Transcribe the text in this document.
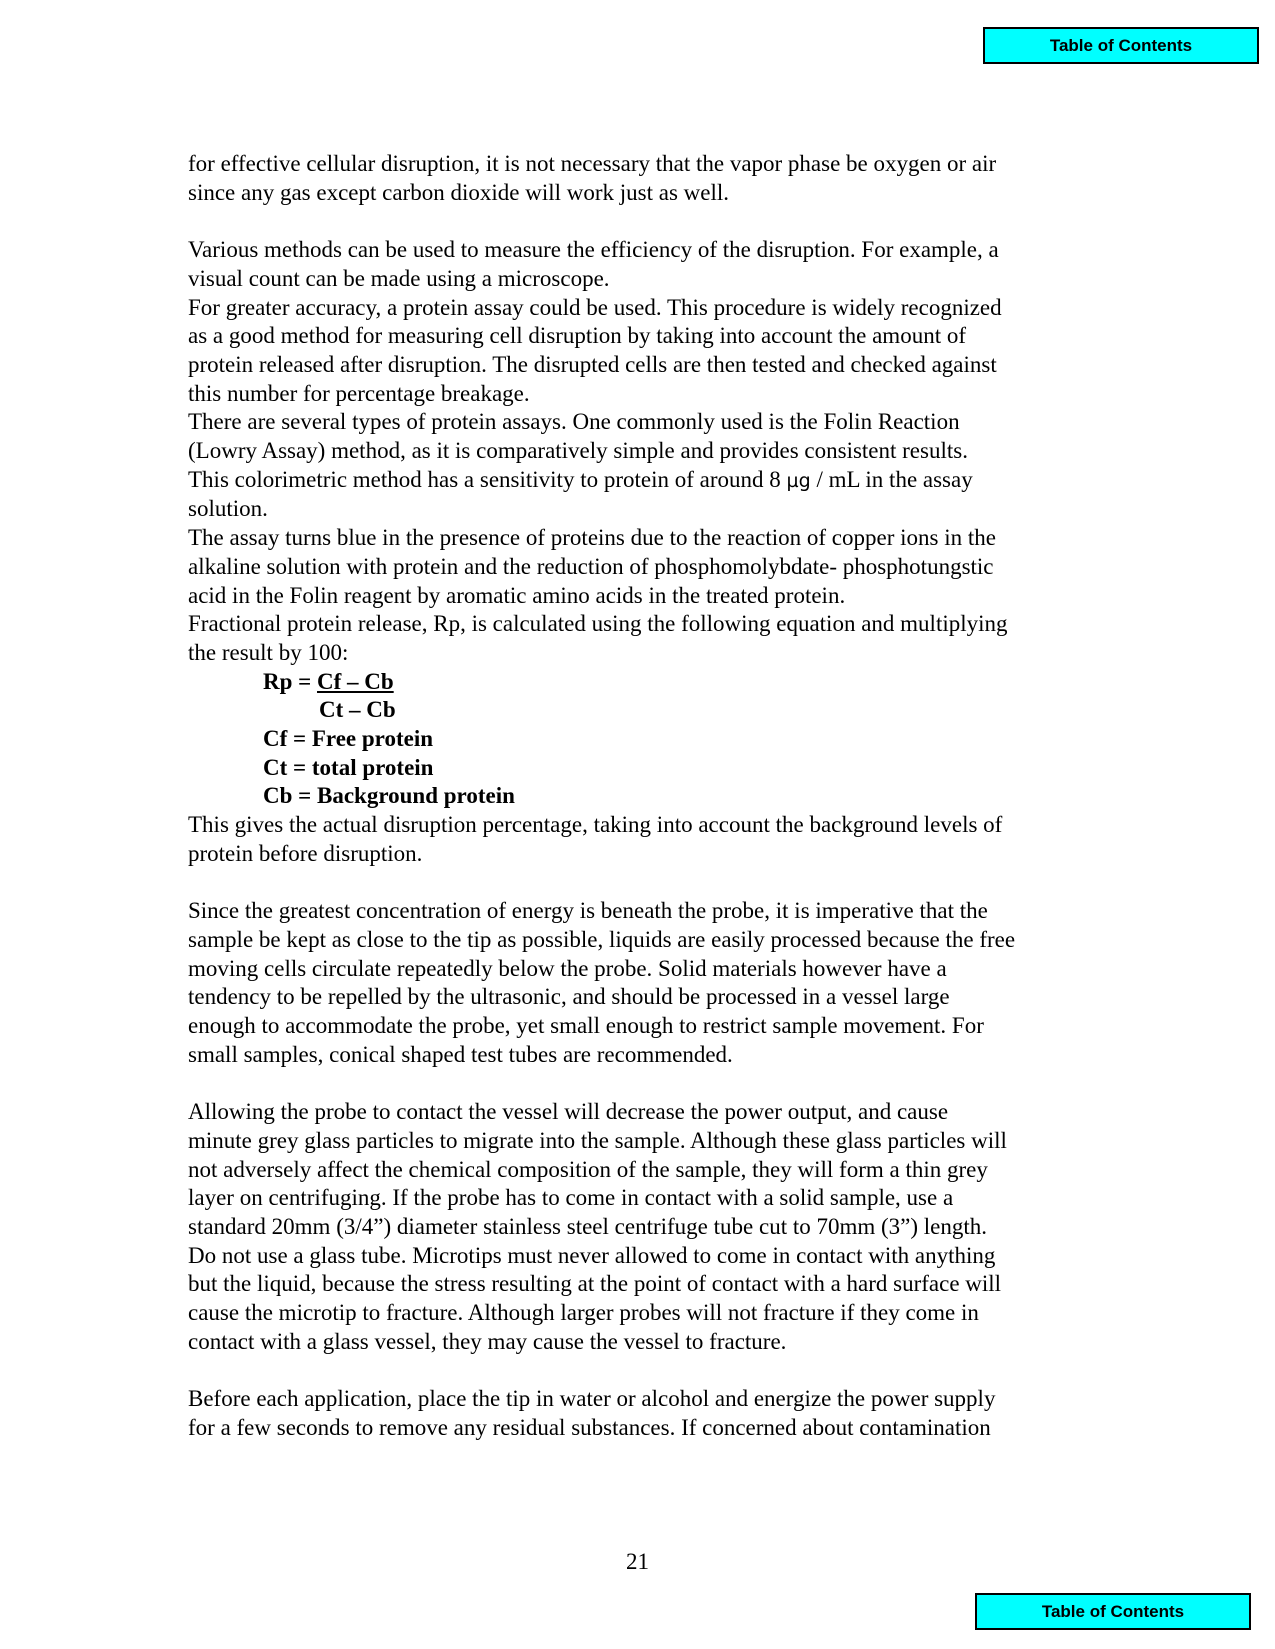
Table of Contents

for effective cellular disruption, it is not necessary that the vapor phase be oxygen or air
since any gas except carbon dioxide will work just as well.

Various methods can be used to measure the efficiency of the disruption. For example, a
visual count can be made using a microscope.
For greater accuracy, a protein assay could be used. This procedure is widely recognized
as a good method for measuring cell disruption by taking into account the amount of
protein released after disruption. The disrupted cells are then tested and checked against
this number for percentage breakage.
There are several types of protein assays. One commonly used is the Folin Reaction
(Lowry Assay) method, as it is comparatively simple and provides consistent results.
This colorimetric method has a sensitivity to protein of around 8 µg / mL in the assay
solution.
The assay turns blue in the presence of proteins due to the reaction of copper ions in the
alkaline solution with protein and the reduction of phosphomolybdate- phosphotungstic
acid in the Folin reagent by aromatic amino acids in the treated protein.
Fractional protein release, Rp, is calculated using the following equation and multiplying
the result by 100:

Rp = Cf – Cb
Ct – Cb
Cf = Free protein
Ct = total protein
Cb = Background protein

This gives the actual disruption percentage, taking into account the background levels of
protein before disruption.

Since the greatest concentration of energy is beneath the probe, it is imperative that the
sample be kept as close to the tip as possible, liquids are easily processed because the free
moving cells circulate repeatedly below the probe. Solid materials however have a
tendency to be repelled by the ultrasonic, and should be processed in a vessel large
enough to accommodate the probe, yet small enough to restrict sample movement. For
small samples, conical shaped test tubes are recommended.

Allowing the probe to contact the vessel will decrease the power output, and cause
minute grey glass particles to migrate into the sample. Although these glass particles will
not adversely affect the chemical composition of the sample, they will form a thin grey
layer on centrifuging. If the probe has to come in contact with a solid sample, use a
standard 20mm (3/4”) diameter stainless steel centrifuge tube cut to 70mm (3”) length.
Do not use a glass tube. Microtips must never allowed to come in contact with anything
but the liquid, because the stress resulting at the point of contact with a hard surface will
cause the microtip to fracture. Although larger probes will not fracture if they come in
contact with a glass vessel, they may cause the vessel to fracture.

Before each application, place the tip in water or alcohol and energize the power supply
for a few seconds to remove any residual substances. If concerned about contamination

21
Table of Contents
